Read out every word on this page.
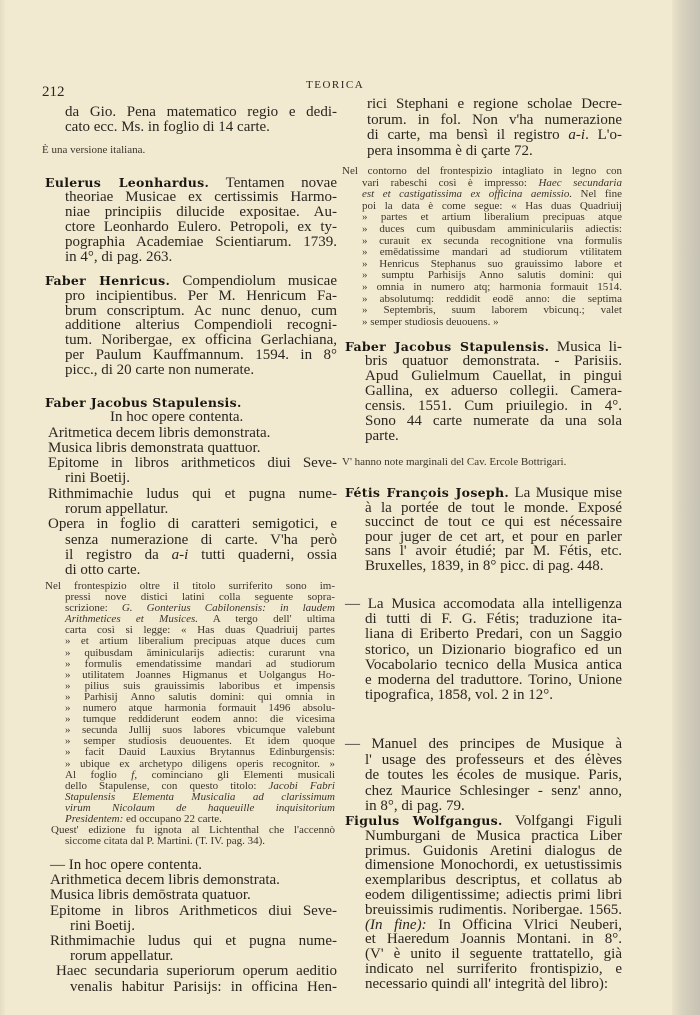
212	TEORICA
da Gio. Pena matematico regio e dedi-
cato ecc. Ms. in foglio di 14 carte.
È una versione italiana.
Eulerus Leonhardus. Tentamen novae
theoriae Musicae ex certissimis Harmo-
niae principiis dilucide expositae. Au-
ctore Leonhardo Eulero. Petropoli, ex ty-
pographia Academiae Scientiarum. 1739.
in 4°, di pag. 263.
Faber Henricus. Compendiolum musicae
pro incipientibus. Per M. Henricum Fa-
brum conscriptum. Ac nunc denuo, cum
additione alterius Compendioli recogni-
tum. Noribergae, ex officina Gerlachiana,
per Paulum Kauffmannum. 1594. in 8°
picc., di 20 carte non numerate.
Faber Jacobus Stapulensis.
In hoc opere contenta.
Aritmetica decem libris demonstrata.
Musica libris demonstrata quattuor.
Epitome in libros arithmeticos diui Seve-
rini Boetij.
Rithmimachie ludus qui et pugna nume-
rorum appellatur.
Opera in foglio di caratteri semigotici, e
senza numerazione di carte. V'ha però
il registro da a-i tutti quaderni, ossia
di otto carte.
Nel frontespizio oltre il titolo surriferito sono im-
pressi nove distici latini colla seguente sopra-
scrizione: G. Gonterius Cabilonensis: in laudem
Arithmetices et Musices. A tergo dell' ultima
carta così si legge: « Has duas Quadriuij partes
» et artium liberalium precipuas atque duces cum
» quibusdam āminicularijs adiectis: curarunt vna
» formulis emendatissime mandari ad studiorum
» utilitatem Joannes Higmanus et Uolgangus Ho-
» pilius suis grauissimis laboribus et impensis
» Parhisij Anno salutis domini: qui omnia in
» numero atque harmonia formauit 1496 absolu-
» tumque reddiderunt eodem anno: die vicesima
» secunda Jullij suos labores vbicumque valebunt
» semper studiosis deuouentes. Et idem quoque
» facit Dauid Lauxius Brytannus Edinburgensis:
» ubique ex archetypo diligens operis recognitor. »
Al foglio f, cominciano gli Elementi musicali
dello Stapulense, con questo titolo: Jacobi Fabri
Stapulensis Elementa Musicalia ad clarissimum
virum Nicolaum de haqueuille inquisitorium
Presidentem: ed occupano 22 carte.
Quest' edizione fu ignota al Lichtenthal che l'accennò
siccome citata dal P. Martini. (T. IV. pag. 34).
— In hoc opere contenta.
Arithmetica decem libris demonstrata.
Musica libris demōstrata quatuor.
Epitome in libros Arithmeticos diui Seve-
rini Boetij.
Rithmimachie ludus qui et pugna nume-
rorum appellatur.
Haec secundaria superiorum operum aeditio
venalis habitur Parisijs: in officina Hen-
rici Stephani e regione scholae Decre-
torum. in fol. Non v'ha numerazione
di carte, ma bensì il registro a-i. L'o-
pera insomma è di çarte 72.
Nel contorno del frontespizio intagliato in legno con
vari rabeschi così è impresso: Haec secundaria
est et castigatissima ex officina aemissio. Nel fine
poi la data è come segue: « Has duas Quadriuij
» partes et artium liberalium precipuas atque
» duces cum quibusdam amminiculariis adiectis:
» curauit ex secunda recognitione vna formulis
» emēdatissime mandari ad studiorum vtilitatem
» Henricus Stephanus suo grauissimo labore et
» sumptu Parhisijs Anno salutis domini: qui
» omnia in numero atq; harmonia formauit 1514.
» absolutumq: reddidit eodē anno: die septima
» Septembris, suum laborem vbicunq.; valet
» semper studiosis deuouens. »
Faber Jacobus Stapulensis. Musica li-
bris quatuor demonstrata. - Parisiis.
Apud Gulielmum Cauellat, in pingui
Gallina, ex aduerso collegii. Camera-
censis. 1551. Cum priuilegio. in 4°.
Sono 44 carte numerate da una sola
parte.
V' hanno note marginali del Cav. Ercole Bottrigari.
Fétis François Joseph. La Musique mise
à la portée de tout le monde. Exposé
succinct de tout ce qui est nécessaire
pour juger de cet art, et pour en parler
sans l' avoir étudié; par M. Fétis, etc.
Bruxelles, 1839, in 8° picc. di pag. 448.
— La Musica accomodata alla intelligenza
di tutti di F. G. Fétis; traduzione ita-
liana di Eriberto Predari, con un Saggio
storico, un Dizionario biografico ed un
Vocabolario tecnico della Musica antica
e moderna del traduttore. Torino, Unione
tipografica, 1858, vol. 2 in 12°.
— Manuel des principes de Musique à
l' usage des professeurs et des élèves
de toutes les écoles de musique. Paris,
chez Maurice Schlesinger - senz' anno,
in 8°, di pag. 79.
Figulus Wolfgangus. Volfgangi Figuli
Numburgani de Musica practica Liber
primus. Guidonis Aretini dialogus de
dimensione Monochordi, ex uetustissimis
exemplaribus descriptus, et collatus ab
eodem diligentissime; adiectis primi libri
breuissimis rudimentis. Noribergae. 1565.
(In fine): In Officina Vlrici Neuberi,
et Haeredum Joannis Montani. in 8°.
(V' è unito il seguente trattatello, già
indicato nel surriferito frontispizio, e
necessario quindi all' integrità del libro):
